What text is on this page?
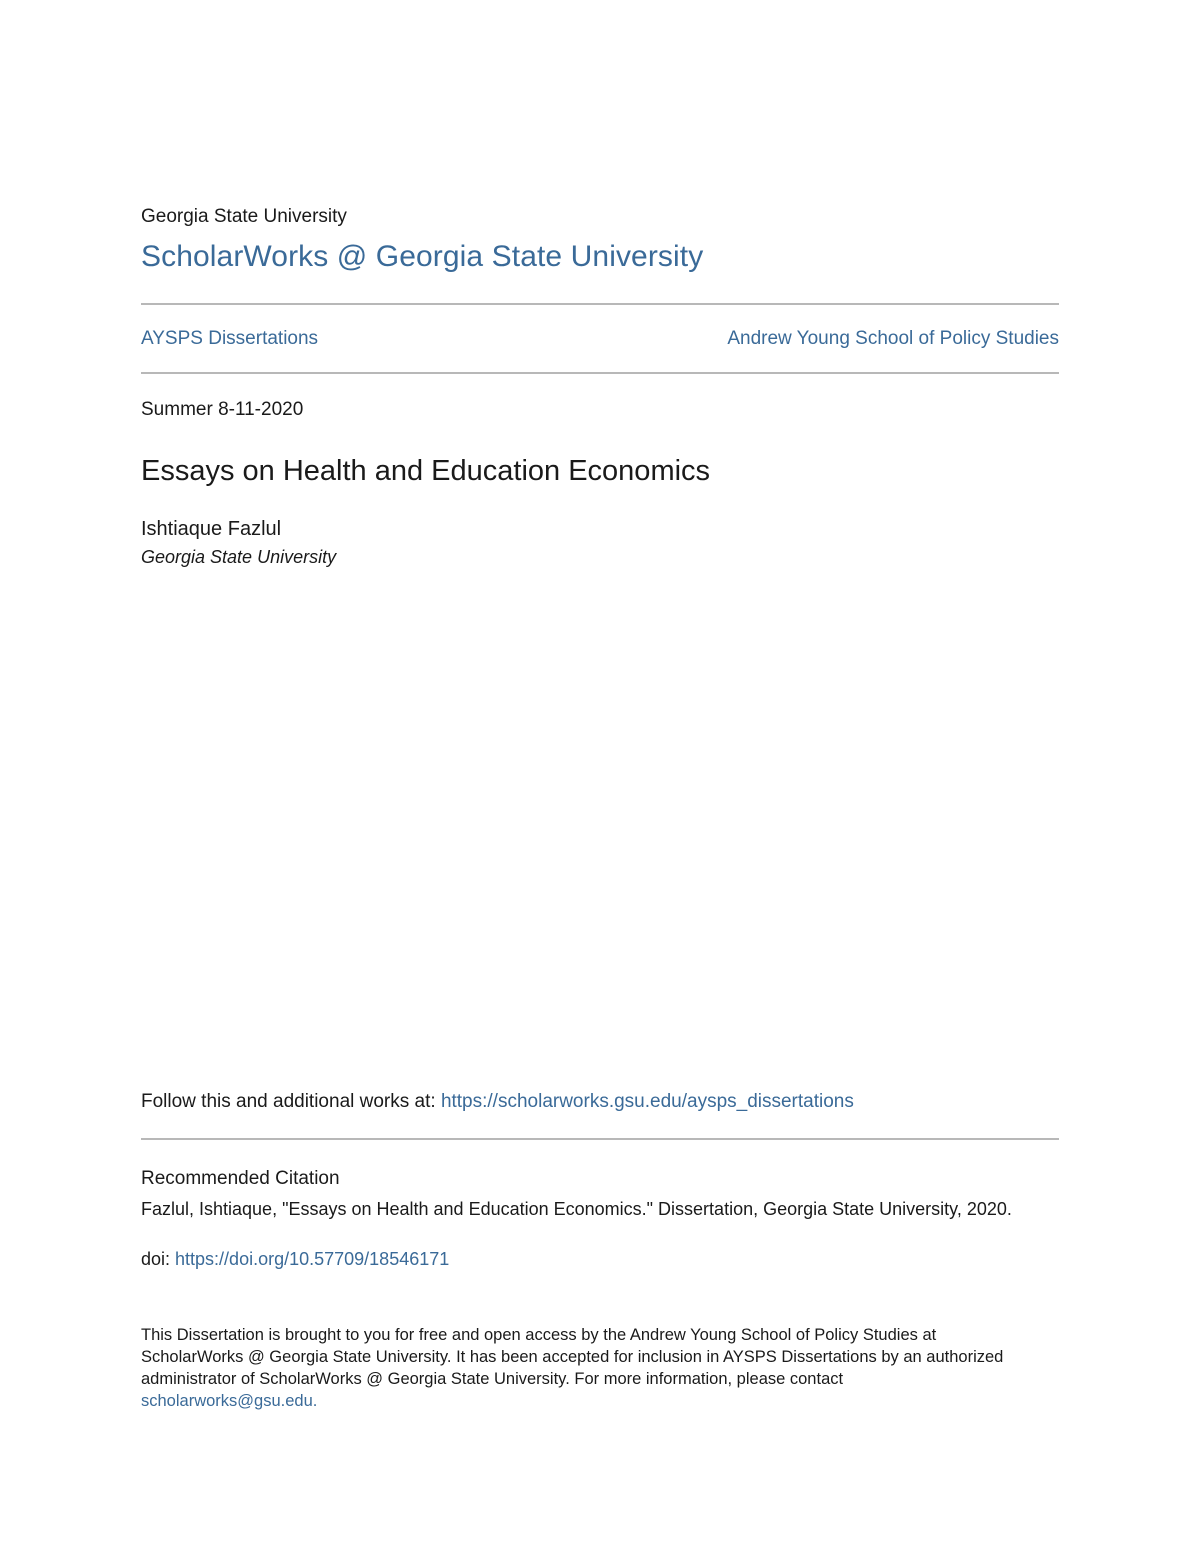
Georgia State University
ScholarWorks @ Georgia State University
AYSPS Dissertations	Andrew Young School of Policy Studies
Summer 8-11-2020
Essays on Health and Education Economics
Ishtiaque Fazlul
Georgia State University
Follow this and additional works at: https://scholarworks.gsu.edu/aysps_dissertations
Recommended Citation
Fazlul, Ishtiaque, "Essays on Health and Education Economics." Dissertation, Georgia State University, 2020.
doi: https://doi.org/10.57709/18546171
This Dissertation is brought to you for free and open access by the Andrew Young School of Policy Studies at ScholarWorks @ Georgia State University. It has been accepted for inclusion in AYSPS Dissertations by an authorized administrator of ScholarWorks @ Georgia State University. For more information, please contact scholarworks@gsu.edu.
